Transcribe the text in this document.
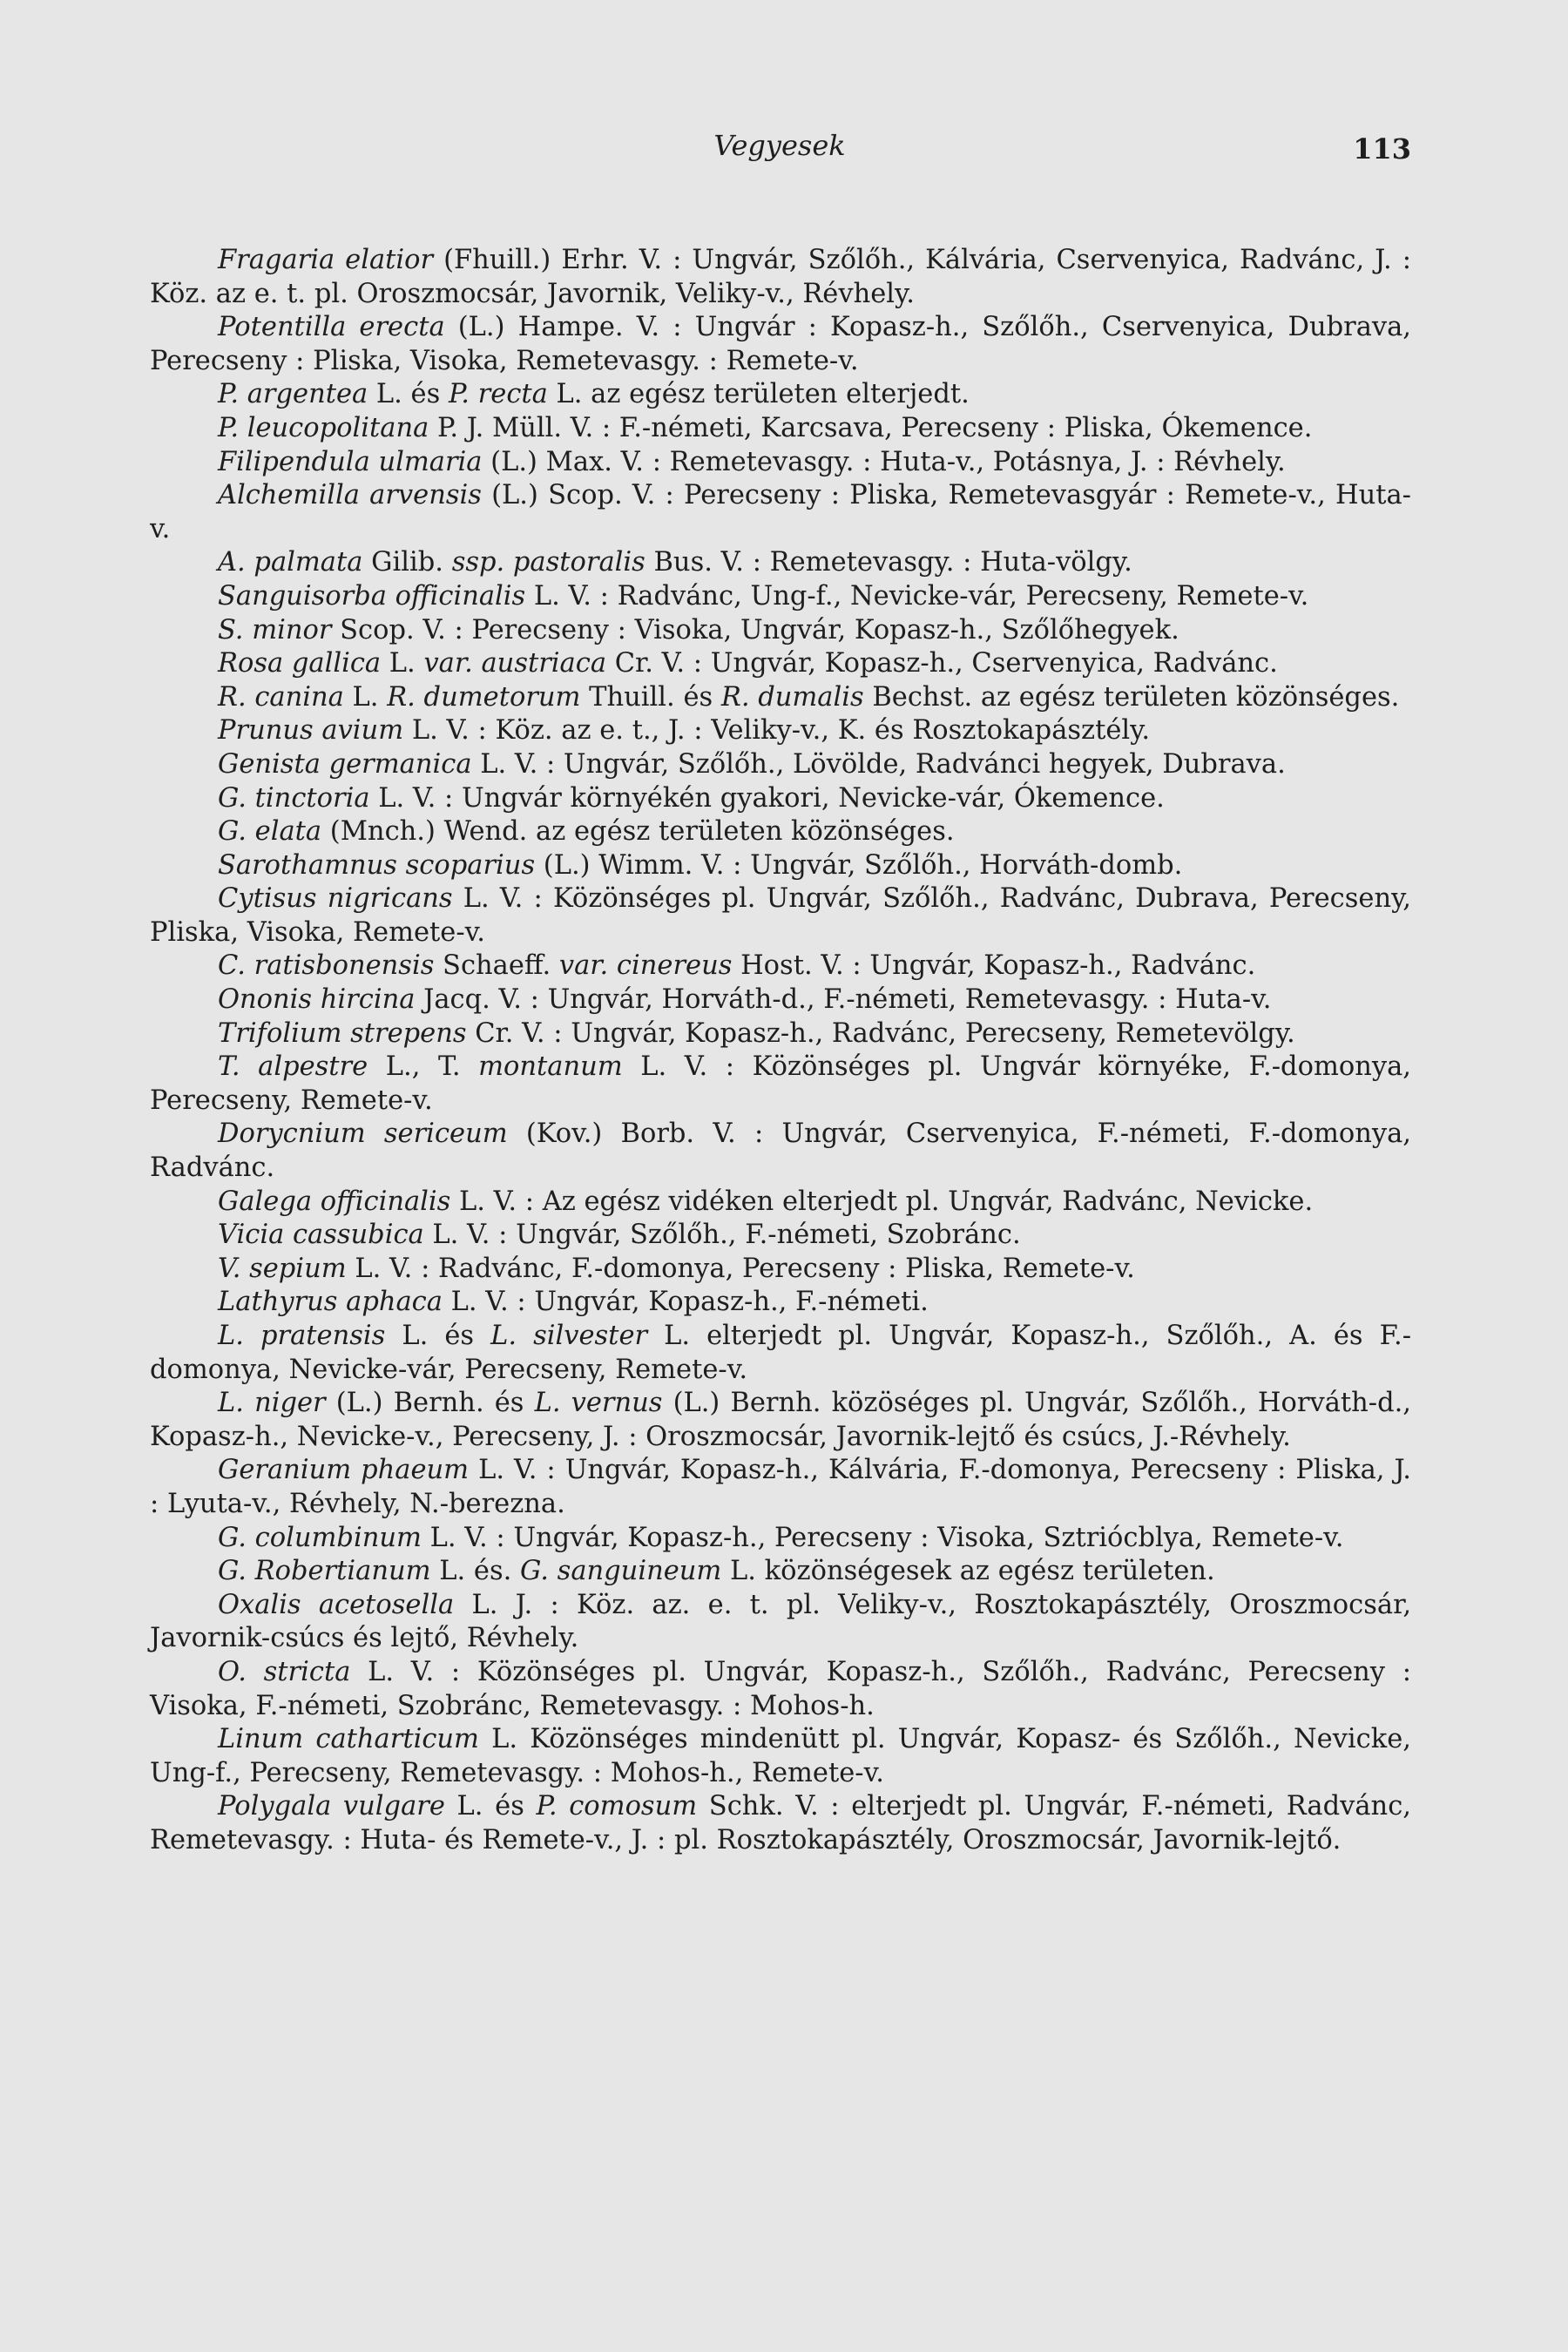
Vegyesek	113

Fragaria elatior (Fhuill.) Erhr. V. : Ungvár, Szőlőh., Kálvária, Cservenyica, Radvánc, J. : Köz. az e. t. pl. Oroszmocsár, Javornik, Veliky-v., Révhely.

Potentilla erecta (L.) Hampe. V. : Ungvár : Kopasz-h., Szőlőh., Cservenyica, Dubrava, Perecseny : Pliska, Visoka, Remetevasgy. : Remete-v.

P. argentea L. és P. recta L. az egész területen elterjedt.

P. leucopolitana P. J. Müll. V. : F.-németi, Karcsava, Perecseny : Pliska, Ókemence.

Filipendula ulmaria (L.) Max. V. : Remetevasgy. : Huta-v., Potásnya, J. : Révhely.

Alchemilla arvensis (L.) Scop. V. : Perecseny : Pliska, Remetevasgyár : Remete-v., Huta-v.

A. palmata Gilib. ssp. pastoralis Bus. V. : Remetevasgy. : Huta-völgy.

Sanguisorba officinalis L. V. : Radvánc, Ung-f., Nevicke-vár, Perecseny, Remete-v.

S. minor Scop. V. : Perecseny : Visoka, Ungvár, Kopasz-h., Szőlőhegyek.

Rosa gallica L. var. austriaca Cr. V. : Ungvár, Kopasz-h., Cservenyica, Radvánc.

R. canina L. R. dumetorum Thuill. és R. dumalis Bechst. az egész területen közönséges.

Prunus avium L. V. : Köz. az e. t., J. : Veliky-v., K. és Rosztokapásztély.

Genista germanica L. V. : Ungvár, Szőlőh., Lövölde, Radvánci hegyek, Dubrava.

G. tinctoria L. V. : Ungvár környékén gyakori, Nevicke-vár, Ókemence.

G. elata (Mnch.) Wend. az egész területen közönséges.

Sarothamnus scoparius (L.) Wimm. V. : Ungvár, Szőlőh., Horváth-domb.

Cytisus nigricans L. V. : Közönséges pl. Ungvár, Szőlőh., Radvánc, Dubrava, Perecseny, Pliska, Visoka, Remete-v.

C. ratisbonensis Schaeff. var. cinereus Host. V. : Ungvár, Kopasz-h., Radvánc.

Ononis hircina Jacq. V. : Ungvár, Horváth-d., F.-németi, Remetevasgy. : Huta-v.

Trifolium strepens Cr. V. : Ungvár, Kopasz-h., Radvánc, Perecseny, Remetevölgy.

T. alpestre L., T. montanum L. V. : Közönséges pl. Ungvár környéke, F.-domonya, Perecseny, Remete-v.

Dorycnium sericeum (Kov.) Borb. V. : Ungvár, Cservenyica, F.-németi, F.-domonya, Radvánc.

Galega officinalis L. V. : Az egész vidéken elterjedt pl. Ungvár, Radvánc, Nevicke.

Vicia cassubica L. V. : Ungvár, Szőlőh., F.-németi, Szobránc.

V. sepium L. V. : Radvánc, F.-domonya, Perecseny : Pliska, Remete-v.

Lathyrus aphaca L. V. : Ungvár, Kopasz-h., F.-németi.

L. pratensis L. és L. silvester L. elterjedt pl. Ungvár, Kopasz-h., Szőlőh., A. és F.-domonya, Nevicke-vár, Perecseny, Remete-v.

L. niger (L.) Bernh. és L. vernus (L.) Bernh. közöséges pl. Ungvár, Szőlőh., Horváth-d., Kopasz-h., Nevicke-v., Perecseny, J. : Oroszmocsár, Javornik-lejtő és csúcs, J.-Révhely.

Geranium phaeum L. V. : Ungvár, Kopasz-h., Kálvária, F.-domonya, Perecseny : Pliska, J. : Lyuta-v., Révhely, N.-berezna.

G. columbinum L. V. : Ungvár, Kopasz-h., Perecseny : Visoka, Sztriócblya, Remete-v.

G. Robertianum L. és. G. sanguineum L. közönségesek az egész területen.

Oxalis acetosella L. J. : Köz. az. e. t. pl. Veliky-v., Rosztokapásztély, Oroszmocsár, Javornik-csúcs és lejtő, Révhely.

O. stricta L. V. : Közönséges pl. Ungvár, Kopasz-h., Szőlőh., Radvánc, Perecseny : Visoka, F.-németi, Szobránc, Remetevasgy. : Mohos-h.

Linum catharticum L. Közönséges mindenütt pl. Ungvár, Kopasz- és Szőlőh., Nevicke, Ung-f., Perecseny, Remetevasgy. : Mohos-h., Remete-v.

Polygala vulgare L. és P. comosum Schk. V. : elterjedt pl. Ungvár, F.-németi, Radvánc, Remetevasgy. : Huta- és Remete-v., J. : pl. Rosztokapásztély, Oroszmocsár, Javornik-lejtő.
